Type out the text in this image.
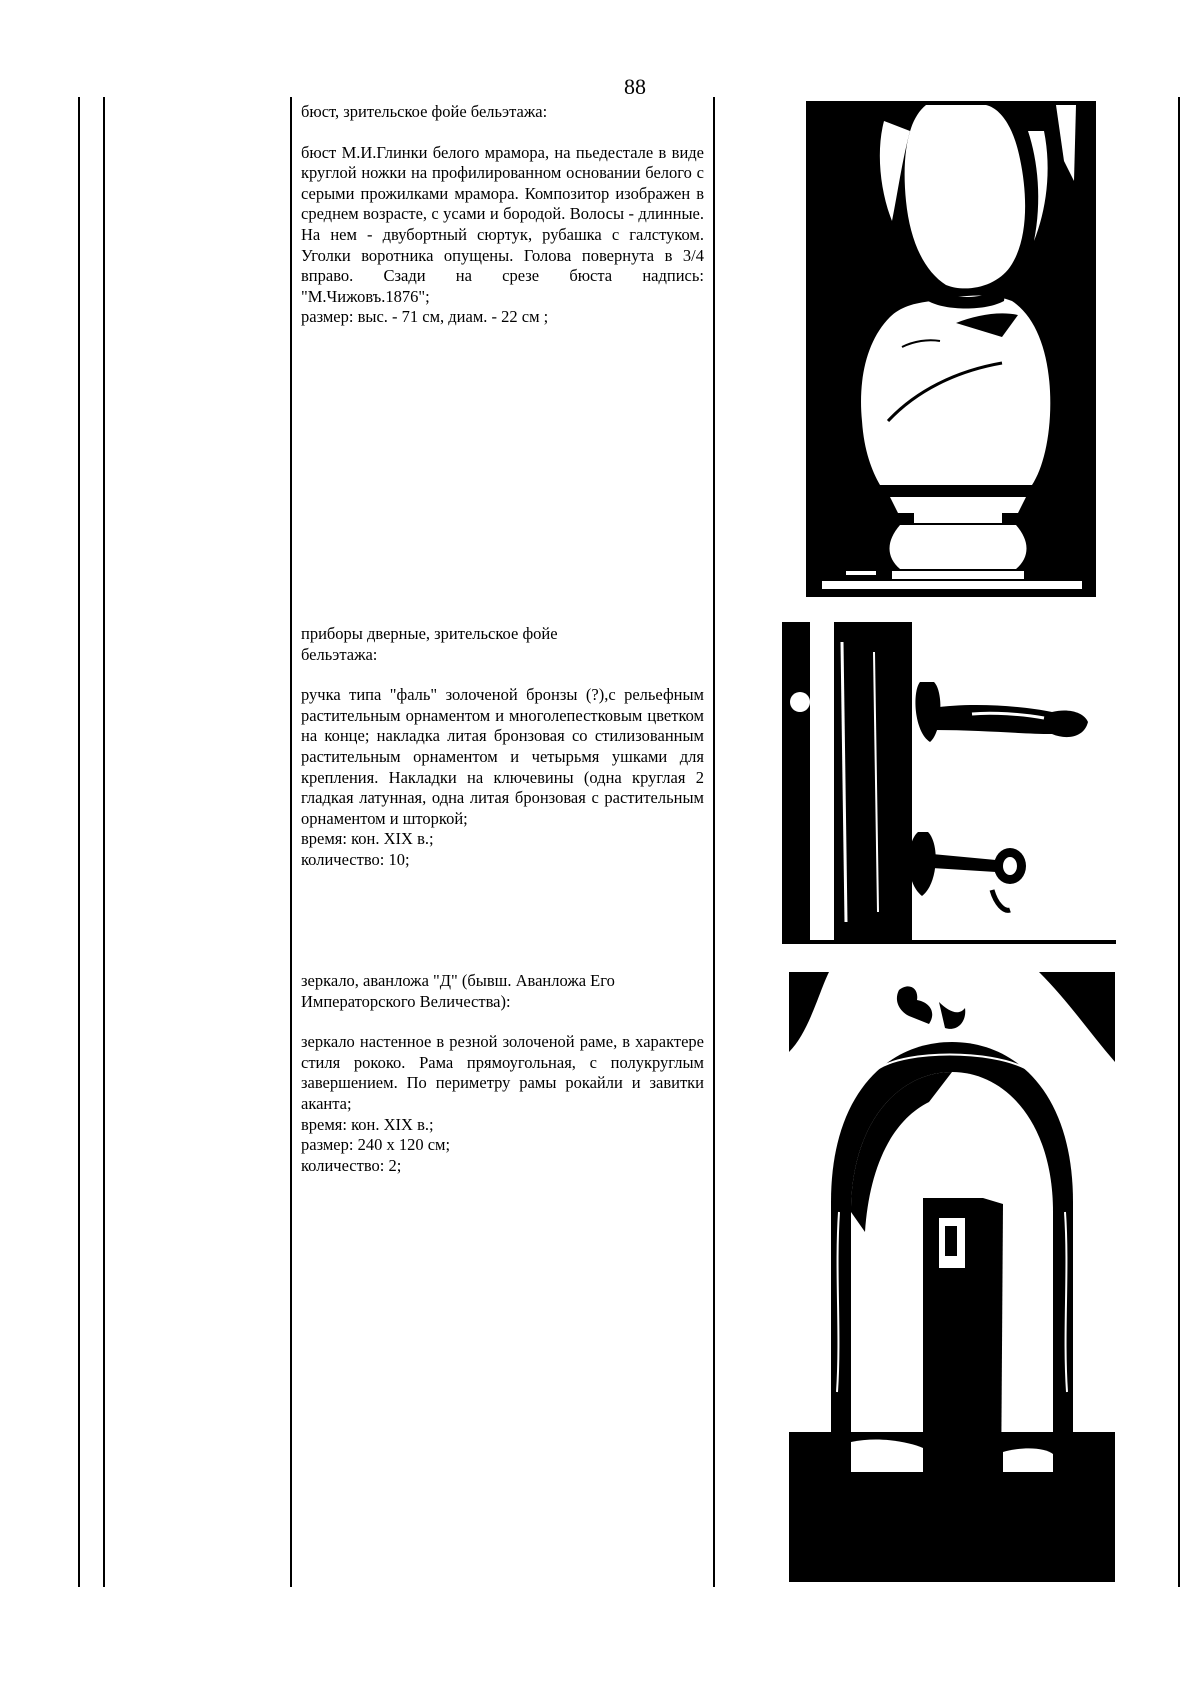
88

бюст, зрительское фойе бельэтажа:

бюст М.И.Глинки белого мрамора, на пьедестале в виде круглой ножки на профилированном основании белого с серыми прожилками мрамора. Композитор изображен в среднем возрасте, с усами и бородой. Волосы - длинные. На нем - двубортный сюртук, рубашка с галстуком. Уголки воротника опущены. Голова повернута в 3/4 вправо. Сзади на срезе бюста надпись: "М.Чижовъ.1876";

размер: выс. - 71 см, диам. - 22 см ;

приборы дверные, зрительское фойе бельэтажа:

ручка типа "фаль" золоченой бронзы (?),с рельефным растительным орнаментом и многолепестковым цветком на конце; накладка литая бронзовая со стилизованным растительным орнаментом и четырьмя ушками для крепления. Накладки на ключевины (одна круглая 2 гладкая латунная, одна литая бронзовая с растительным орнаментом и шторкой;

время: кон. XIX в.;

количество: 10;

зеркало, аванложа "Д" (бывш. Аванложа Его Императорского Величества):

зеркало настенное в резной золоченой раме, в характере стиля рококо. Рама прямоугольная, с полукруглым завершением. По периметру рамы рокайли и завитки аканта;

время: кон. XIX в.;

размер: 240 х 120 см;

количество: 2;
